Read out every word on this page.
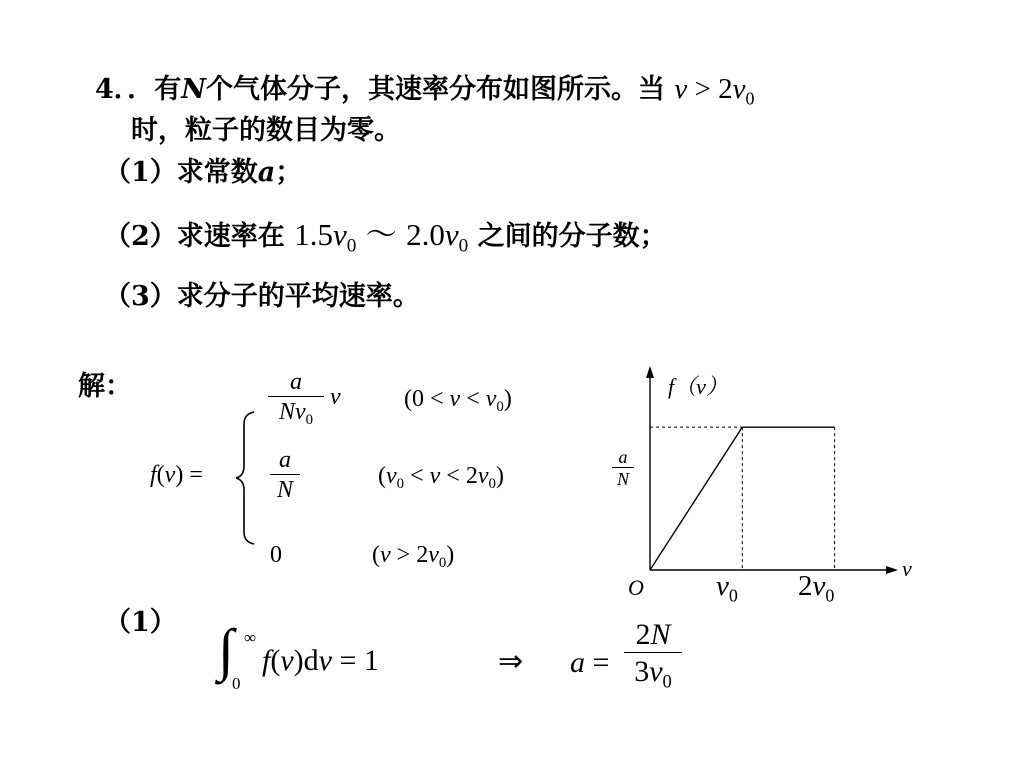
4．．有N个气体分子，其速率分布如图所示。当 $v > 2v_0$
时，粒子的数目为零。
（1）求常数a；
（2）求速率在 $1.5v_0$ ～ $2.0v_0$ 之间的分子数；
（3）求分子的平均速率。
解：
f(v) =
a
$Nv_0$
v	$(0 < v < v_0)$
a
N
$(v_0 < v < 2v_0)$
0	$(v > 2v_0)$
f（v）
v
O
a
N
$v_0$ $2v_0$
（1） ∫ ∞
0
f(v)dv = 1	⇒ a =
2N
$3v_0$
